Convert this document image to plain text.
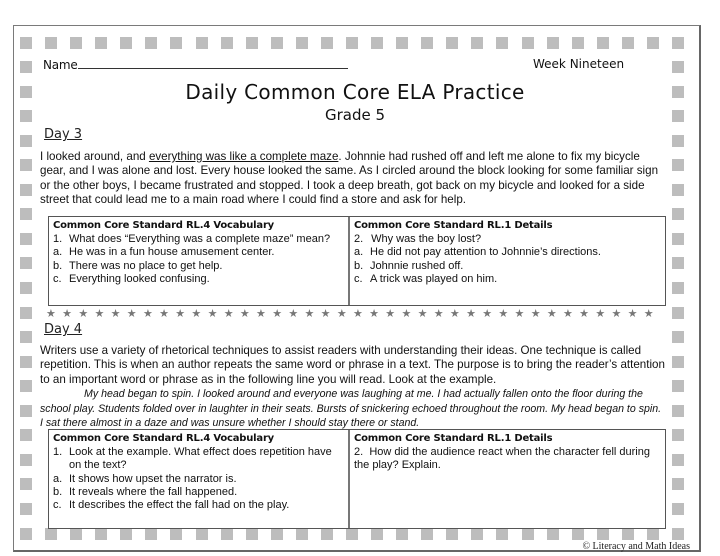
Name	Week Nineteen
Daily Common Core ELA Practice
Grade 5
Day 3
I looked around, and everything was like a complete maze. Johnnie had rushed off and left me alone to fix my bicycle gear, and I was alone and lost. Every house looked the same. As I circled around the block looking for some familiar sign or the other boys, I became frustrated and stopped. I took a deep breath, got back on my bicycle and looked for a side street that could lead me to a main road where I could find a store and ask for help.
Common Core Standard RL.4 Vocabulary
1. What does “Everything was a complete maze” mean?
a. He was in a fun house amusement center.
b. There was no place to get help.
c. Everything looked confusing.
Common Core Standard RL.1 Details
2.
Why was the boy lost?
a. He did not pay attention to Johnnie’s directions.
b. Johnnie rushed off.
c. A trick was played on him.
★ ★ ★ ★ ★ ★ ★ ★ ★ ★ ★ ★ ★ ★ ★ ★ ★ ★ ★ ★ ★ ★ ★ ★ ★ ★ ★ ★ ★ ★ ★ ★ ★ ★ ★ ★ ★ ★
Day 4
Writers use a variety of rhetorical techniques to assist readers with understanding their ideas. One technique is called repetition. This is when an author repeats the same word or phrase in a text. The purpose is to bring the reader’s attention to an important word or phrase as in the following line you will read. Look at the example.
My head began to spin. I looked around and everyone was laughing at me. I had actually fallen onto the floor during the school play. Students folded over in laughter in their seats. Bursts of snickering echoed throughout the room. My head began to spin. I sat there almost in a daze and was unsure whether I should stay there or stand.
Common Core Standard RL.4 Vocabulary
1. Look at the example. What effect does repetition have on the text?
a. It shows how upset the narrator is.
b. It reveals where the fall happened.
c. It describes the effect the fall had on the play.
Common Core Standard RL.1 Details
2. How did the audience react when the character fell during the play? Explain.
© Literacy and Math Ideas
